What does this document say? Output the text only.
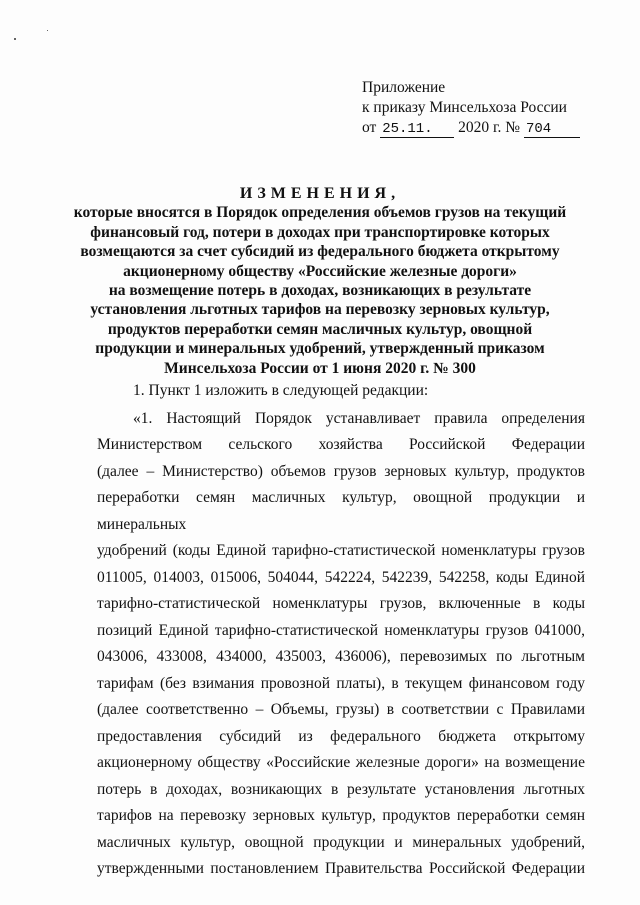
Приложение
к приказу Минсельхоза России
от 25.11. 2020 г. № 704
ИЗМЕНЕНИЯ,
которые вносятся в Порядок определения объемов грузов на текущий
финансовый год, потери в доходах при транспортировке которых
возмещаются за счет субсидий из федерального бюджета открытому
акционерному обществу «Российские железные дороги»
на возмещение потерь в доходах, возникающих в результате
установления льготных тарифов на перевозку зерновых культур,
продуктов переработки семян масличных культур, овощной
продукции и минеральных удобрений, утвержденный приказом
Минсельхоза России от 1 июня 2020 г. № 300

1. Пункт 1 изложить в следующей редакции:

«1. Настоящий Порядок устанавливает правила определения
Министерством сельского хозяйства Российской Федерации
(далее – Министерство) объемов грузов зерновых культур, продуктов
переработки семян масличных культур, овощной продукции и минеральных
удобрений (коды Единой тарифно-статистической номенклатуры грузов
011005, 014003, 015006, 504044, 542224, 542239, 542258, коды Единой
тарифно-статистической номенклатуры грузов, включенные в коды
позиций Единой тарифно-статистической номенклатуры грузов 041000,
043006, 433008, 434000, 435003, 436006), перевозимых по льготным
тарифам (без взимания провозной платы), в текущем финансовом году
(далее соответственно – Объемы, грузы) в соответствии с Правилами
предоставления субсидий из федерального бюджета открытому
акционерному обществу «Российские железные дороги» на возмещение
потерь в доходах, возникающих в результате установления льготных
тарифов на перевозку зерновых культур, продуктов переработки семян
масличных культур, овощной продукции и минеральных удобрений,
утвержденными постановлением Правительства Российской Федерации
